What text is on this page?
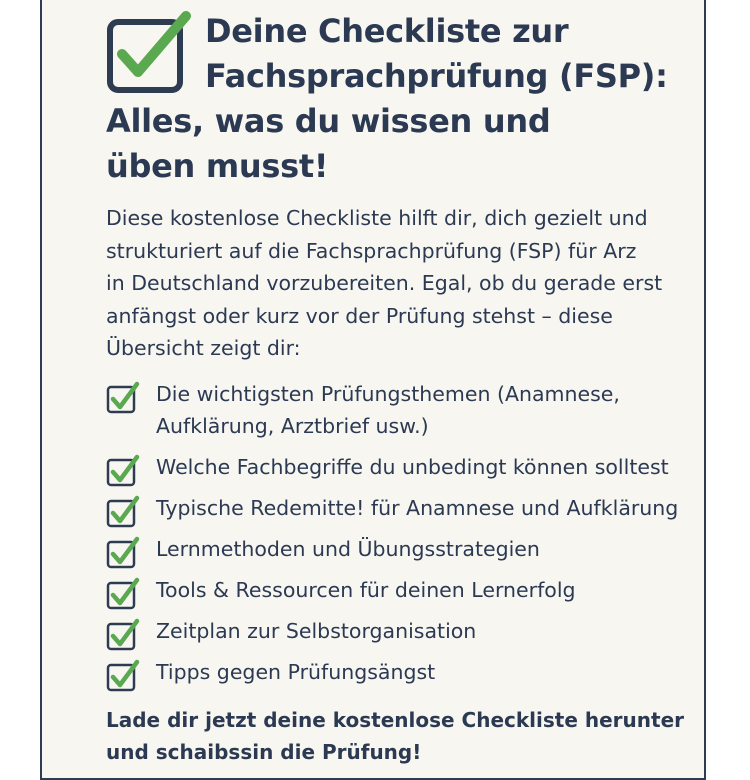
Deine Checkliste zur
Fachsprachprüfung (FSP):
Alles, was du wissen und
üben musst!

Diese kostenlose Checkliste hilft dir, dich gezielt und
strukturiert auf die Fachsprachprüfung (FSP) für Arz
in Deutschland vorzubereiten. Egal, ob du gerade erst
anfängst oder kurz vor der Prüfung stehst – diese
Übersicht zeigt dir:

Die wichtigsten Prüfungsthemen (Anamnese,
Aufklärung, Arztbrief usw.)
Welche Fachbegriffe du unbedingt können solltest
Typische Redemitte! für Anamnese und Aufklärung
Lernmethoden und Übungsstrategien
Tools & Ressourcen für deinen Lernerfolg
Zeitplan zur Selbstorganisation
Tipps gegen Prüfungsängst

Lade dir jetzt deine kostenlose Checkliste herunter
und schaibssin die Prüfung!
